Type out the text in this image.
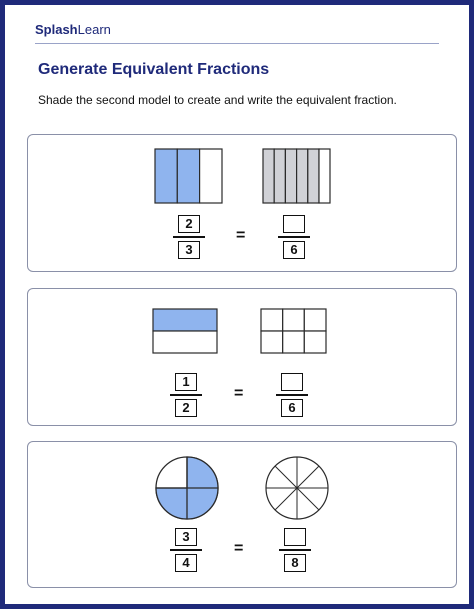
SplashLearn
Generate Equivalent Fractions
Shade the second model to create and write the equivalent fraction.
$\frac{2}{3}$ =
6
$\frac{1}{2}$ =
6
$\frac{3}{4}$ =
8
